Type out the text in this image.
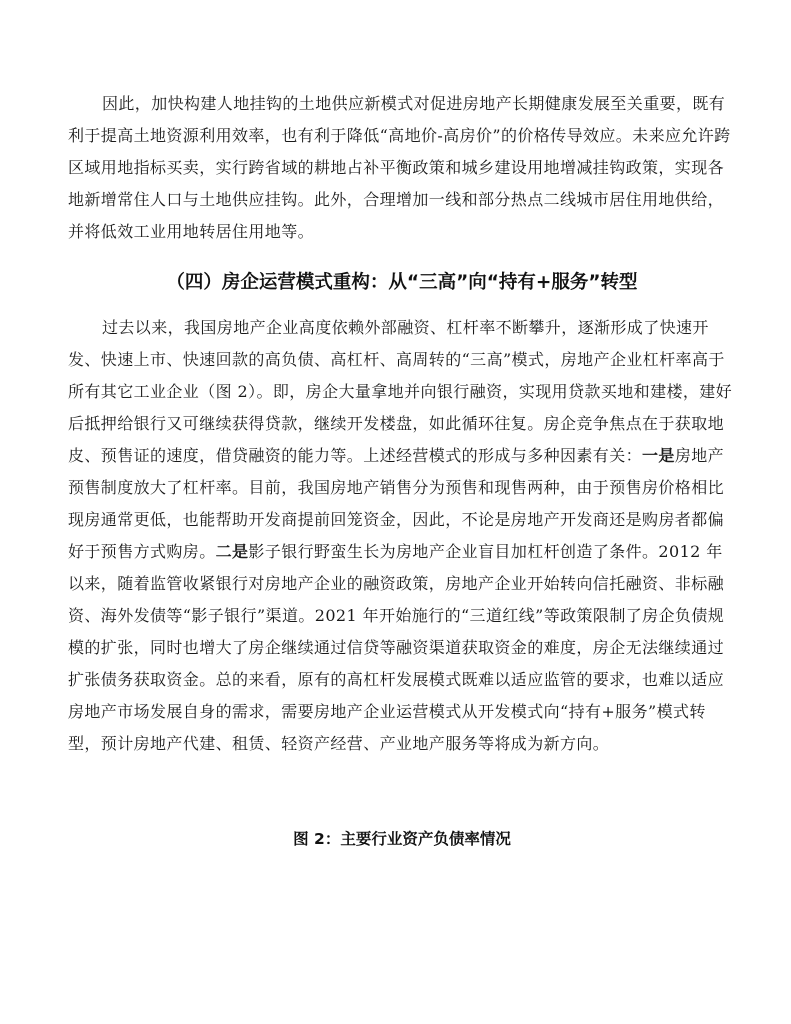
因此，加快构建人地挂钩的土地供应新模式对促进房地产长期健康发展至关重要，既有利于提高土地资源利用效率，也有利于降低“高地价-高房价”的价格传导效应。未来应允许跨区域用地指标买卖，实行跨省域的耕地占补平衡政策和城乡建设用地增减挂钩政策，实现各地新增常住人口与土地供应挂钩。此外，合理增加一线和部分热点二线城市居住用地供给，并将低效工业用地转居住用地等。

（四）房企运营模式重构：从“三高”向“持有+服务”转型

过去以来，我国房地产企业高度依赖外部融资、杠杆率不断攀升，逐渐形成了快速开发、快速上市、快速回款的高负债、高杠杆、高周转的“三高”模式，房地产企业杠杆率高于所有其它工业企业（图 2）。即，房企大量拿地并向银行融资，实现用贷款买地和建楼，建好后抵押给银行又可继续获得贷款，继续开发楼盘，如此循环往复。房企竞争焦点在于获取地皮、预售证的速度，借贷融资的能力等。上述经营模式的形成与多种因素有关：一是房地产预售制度放大了杠杆率。目前，我国房地产销售分为预售和现售两种，由于预售房价格相比现房通常更低，也能帮助开发商提前回笼资金，因此，不论是房地产开发商还是购房者都偏好于预售方式购房。二是影子银行野蛮生长为房地产企业盲目加杠杆创造了条件。2012 年以来，随着监管收紧银行对房地产企业的融资政策，房地产企业开始转向信托融资、非标融资、海外发债等“影子银行”渠道。2021 年开始施行的“三道红线”等政策限制了房企负债规模的扩张，同时也增大了房企继续通过信贷等融资渠道获取资金的难度，房企无法继续通过扩张债务获取资金。总的来看，原有的高杠杆发展模式既难以适应监管的要求，也难以适应房地产市场发展自身的需求，需要房地产企业运营模式从开发模式向“持有+服务”模式转型，预计房地产代建、租赁、轻资产经营、产业地产服务等将成为新方向。

图 2：主要行业资产负债率情况
